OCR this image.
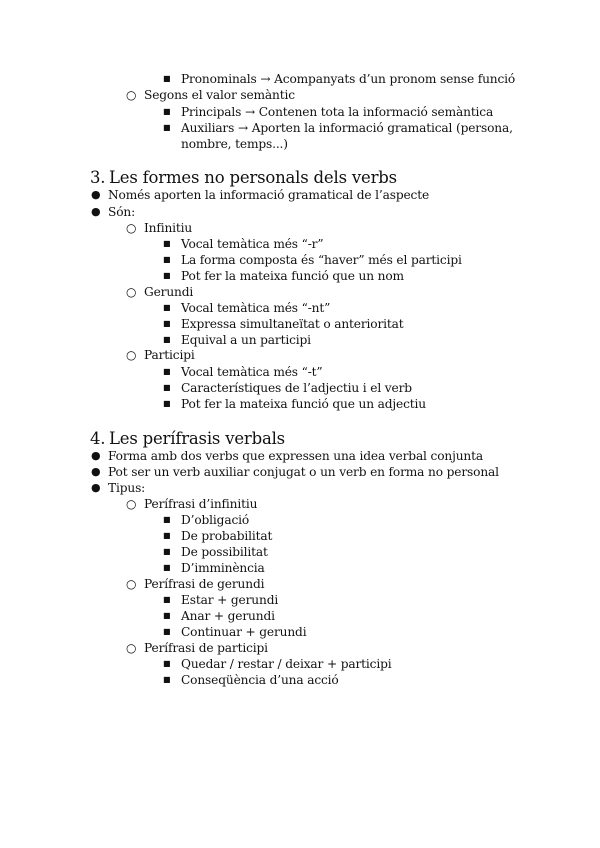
■ Pronominals → Acompanyats d’un pronom sense funció
○ Segons el valor semàntic
■ Principals → Contenen tota la informació semàntica
■ Auxiliars → Aporten la informació gramatical (persona, nombre, temps...)
3. Les formes no personals dels verbs
● Només aporten la informació gramatical de l’aspecte
● Són:
○ Infinitiu
■ Vocal temàtica més “-r”
■ La forma composta és “haver” més el participi
■ Pot fer la mateixa funció que un nom
○ Gerundi
■ Vocal temàtica més “-nt”
■ Expressa simultaneïtat o anterioritat
■ Equival a un participi
○ Participi
■ Vocal temàtica més “-t”
■ Característiques de l’adjectiu i el verb
■ Pot fer la mateixa funció que un adjectiu
4. Les perífrasis verbals
● Forma amb dos verbs que expressen una idea verbal conjunta
● Pot ser un verb auxiliar conjugat o un verb en forma no personal
● Tipus:
○ Perífrasi d’infinitiu
■ D’obligació
■ De probabilitat
■ De possibilitat
■ D’imminència
○ Perífrasi de gerundi
■ Estar + gerundi
■ Anar + gerundi
■ Continuar + gerundi
○ Perífrasi de participi
■ Quedar / restar / deixar + participi
■ Conseqüència d’una acció
